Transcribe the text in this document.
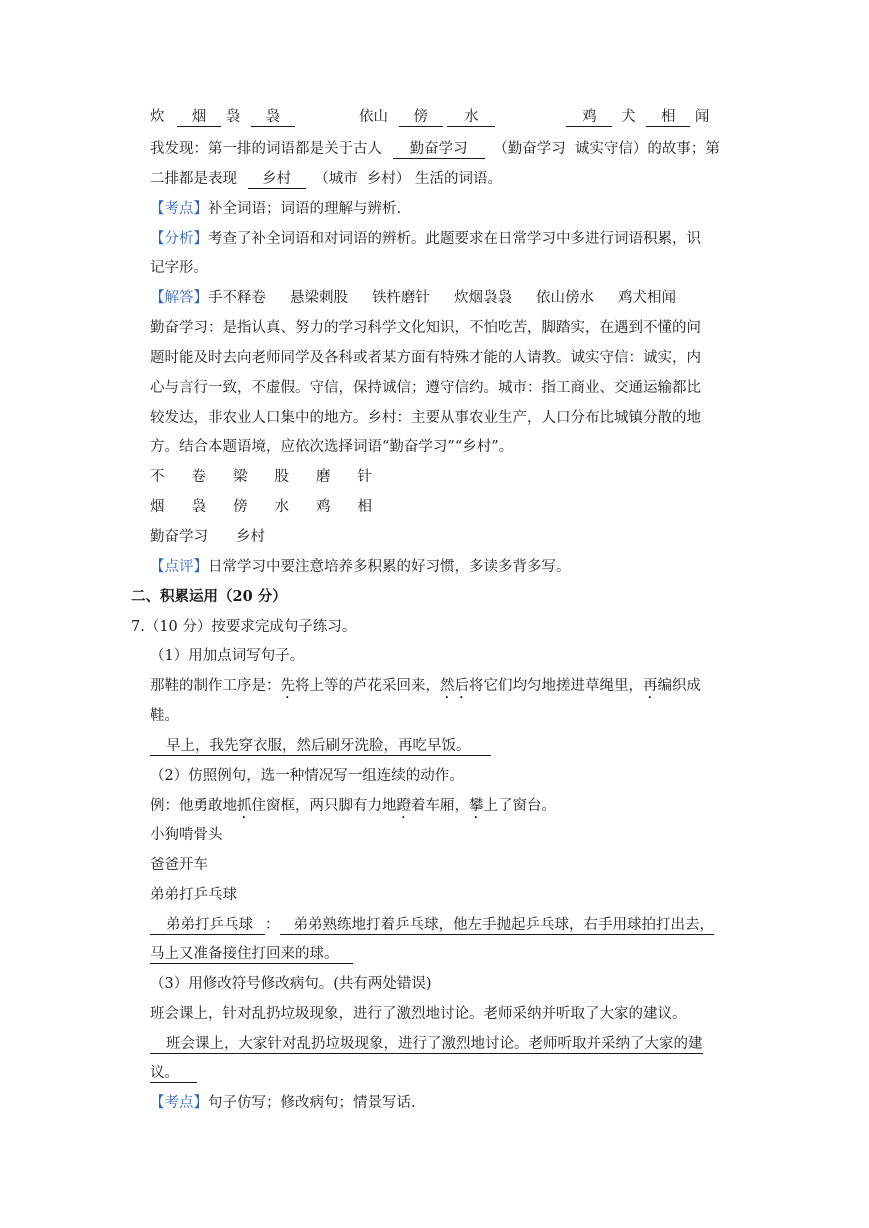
炊 烟 袅 袅	依山 傍 水	鸡 犬 相 闻
我发现：第一排的词语都是关于古人 勤奋学习 （勤奋学习  诚实守信）的故事；第
二排都是表现 乡村 （城市  乡村） 生活的词语。
【考点】补全词语；词语的理解与辨析.
【分析】考查了补全词语和对词语的辨析。此题要求在日常学习中多进行词语积累，识
记字形。
【解答】手不释卷 悬梁刺股 铁杵磨针 炊烟袅袅 依山傍水 鸡犬相闻
勤奋学习：是指认真、努力的学习科学文化知识，不怕吃苦，脚踏实，在遇到不懂的问
题时能及时去向老师同学及各科或者某方面有特殊才能的人请教。诚实守信：诚实，内
心与言行一致，不虚假。守信，保持诚信；遵守信约。城市：指工商业、交通运输都比
较发达，非农业人口集中的地方。乡村：主要从事农业生产，人口分布比城镇分散的地
方。结合本题语境，应依次选择词语“勤奋学习”“乡村”。
不 卷 梁 股 磨 针
烟 袅 傍 水 鸡 相
勤奋学习 乡村
【点评】日常学习中要注意培养多积累的好习惯，多读多背多写。
二、积累运用（20 分）
7.（10 分）按要求完成句子练习。
（1）用加点词写句子。
那鞋的制作工序是：先将上等的芦花采回来，然后将它们均匀地搓进草绳里，再编织成
鞋。
早上，我先穿衣服，然后刷牙洗脸，再吃早饭。
（2）仿照例句，选一种情况写一组连续的动作。
例：他勇敢地抓住窗框，两只脚有力地蹬着车厢，攀上了窗台。
小狗啃骨头
爸爸开车
弟弟打乒乓球
弟弟打乒乓球 ： 弟弟熟练地打着乒乓球，他左手抛起乒乓球，右手用球拍打出去，
马上又准备接住打回来的球。
（3）用修改符号修改病句。(共有两处错误)
班会课上，针对乱扔垃圾现象，进行了激烈地讨论。老师采纳并听取了大家的建议。
班会课上，大家针对乱扔垃圾现象，进行了激烈地讨论。老师听取并采纳了大家的建
议。
【考点】句子仿写；修改病句；情景写话.
